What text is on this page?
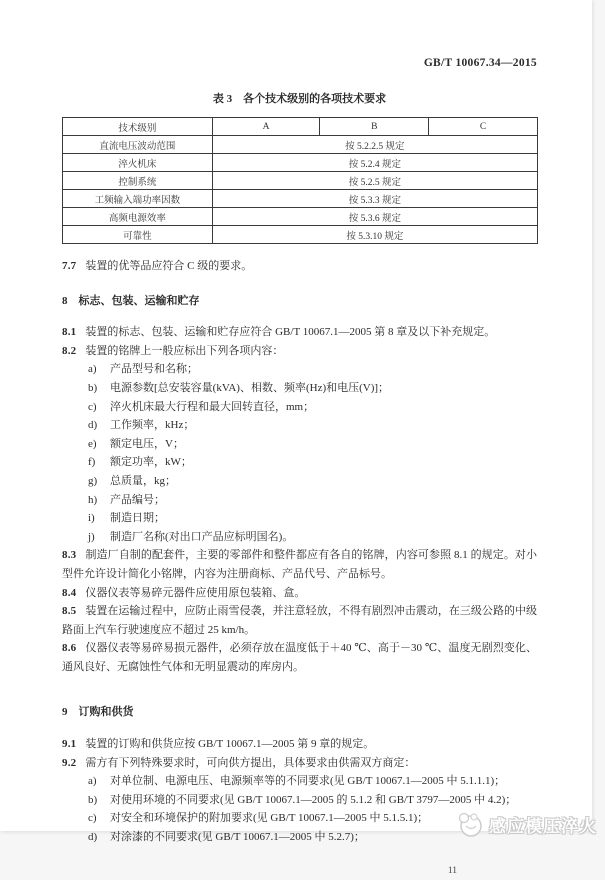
GB/T 10067.34—2015
表 3　各个技术级别的各项技术要求
技术级别	A	B	C
直流电压波动范围	按 5.2.2.5 规定		
淬火机床	按 5.2.4 规定		
控制系统	按 5.2.5 规定		
工频输入端功率因数	按 5.3.3 规定		
高频电源效率	按 5.3.6 规定		
可靠性	按 5.3.10 规定		

7.7 装置的优等品应符合 C 级的要求。

8 标志、包装、运输和贮存

8.1 装置的标志、包装、运输和贮存应符合 GB/T 10067.1—2005 第 8 章及以下补充规定。

8.2 装置的铭牌上一般应标出下列各项内容：

a) 产品型号和名称；
b) 电源参数[总安装容量(kVA)、相数、频率(Hz)和电压(V)]；
c) 淬火机床最大行程和最大回转直径，mm；
d) 工作频率，kHz；
e) 额定电压，V；
f) 额定功率，kW；
g) 总质量，kg；
h) 产品编号；
i) 制造日期；
j) 制造厂名称(对出口产品应标明国名)。

8.3 制造厂自制的配套件，主要的零部件和整件都应有各自的铭牌，内容可参照 8.1 的规定。对小型件允许设计简化小铭牌，内容为注册商标、产品代号、产品标号。

8.4 仪器仪表等易碎元器件应使用原包装箱、盒。

8.5 装置在运输过程中，应防止雨雪侵袭，并注意轻放，不得有剧烈冲击震动，在三级公路的中级路面上汽车行驶速度应不超过 25 km/h。

8.6 仪器仪表等易碎易损元器件，必须存放在温度低于＋40 ℃、高于－30 ℃、温度无剧烈变化、通风良好、无腐蚀性气体和无明显震动的库房内。

9 订购和供货

9.1 装置的订购和供货应按 GB/T 10067.1—2005 第 9 章的规定。

9.2 需方有下列特殊要求时，可向供方提出，具体要求由供需双方商定：

a) 对单位制、电源电压、电源频率等的不同要求(见 GB/T 10067.1—2005 中 5.1.1.1)；
b) 对使用环境的不同要求(见 GB/T 10067.1—2005 的 5.1.2 和 GB/T 3797—2005 中 4.2)；
c) 对安全和环境保护的附加要求(见 GB/T 10067.1—2005 中 5.1.5.1)；
d) 对涂漆的不同要求(见 GB/T 10067.1—2005 中 5.2.7)；
11
感应模压淬火
